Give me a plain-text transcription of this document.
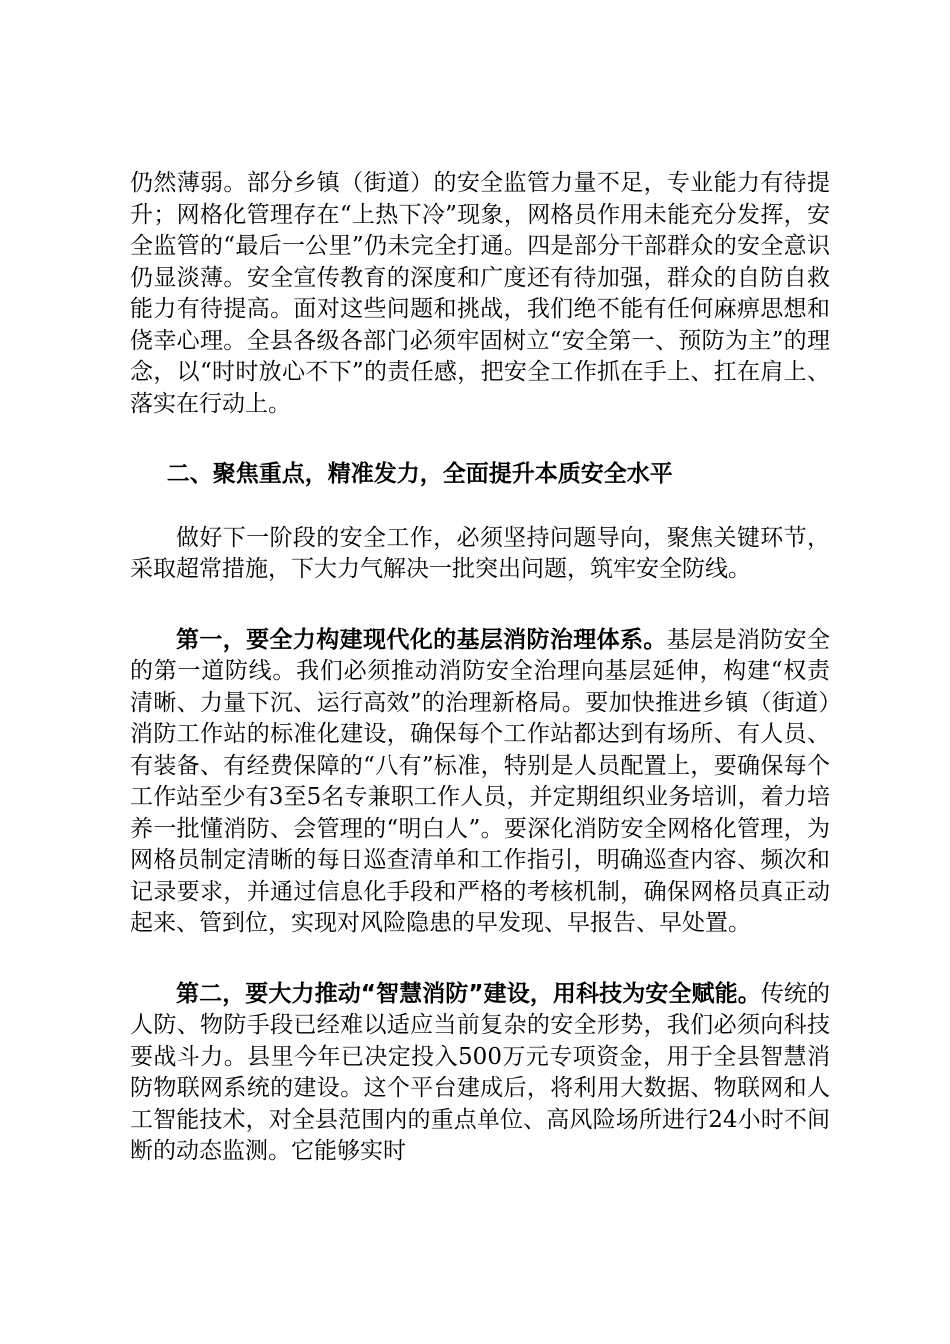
仍然薄弱。部分乡镇（街道）的安全监管力量不足，专业能力有待提升；网格化管理存在“上热下冷”现象，网格员作用未能充分发挥，安全监管的“最后一公里”仍未完全打通。四是部分干部群众的安全意识仍显淡薄。安全宣传教育的深度和广度还有待加强，群众的自防自救能力有待提高。面对这些问题和挑战，我们绝不能有任何麻痹思想和侥幸心理。全县各级各部门必须牢固树立“安全第一、预防为主”的理念，以“时时放心不下”的责任感，把安全工作抓在手上、扛在肩上、落实在行动上。

二、聚焦重点，精准发力，全面提升本质安全水平

做好下一阶段的安全工作，必须坚持问题导向，聚焦关键环节，采取超常措施，下大力气解决一批突出问题，筑牢安全防线。

第一，要全力构建现代化的基层消防治理体系。基层是消防安全的第一道防线。我们必须推动消防安全治理向基层延伸，构建“权责清晰、力量下沉、运行高效”的治理新格局。要加快推进乡镇（街道）消防工作站的标准化建设，确保每个工作站都达到有场所、有人员、有装备、有经费保障的“八有”标准，特别是人员配置上，要确保每个工作站至少有3至5名专兼职工作人员，并定期组织业务培训，着力培养一批懂消防、会管理的“明白人”。要深化消防安全网格化管理，为网格员制定清晰的每日巡查清单和工作指引，明确巡查内容、频次和记录要求，并通过信息化手段和严格的考核机制，确保网格员真正动起来、管到位，实现对风险隐患的早发现、早报告、早处置。

第二，要大力推动“智慧消防”建设，用科技为安全赋能。传统的人防、物防手段已经难以适应当前复杂的安全形势，我们必须向科技要战斗力。县里今年已决定投入500万元专项资金，用于全县智慧消防物联网系统的建设。这个平台建成后，将利用大数据、物联网和人工智能技术，对全县范围内的重点单位、高风险场所进行24小时不间断的动态监测。它能够实时
